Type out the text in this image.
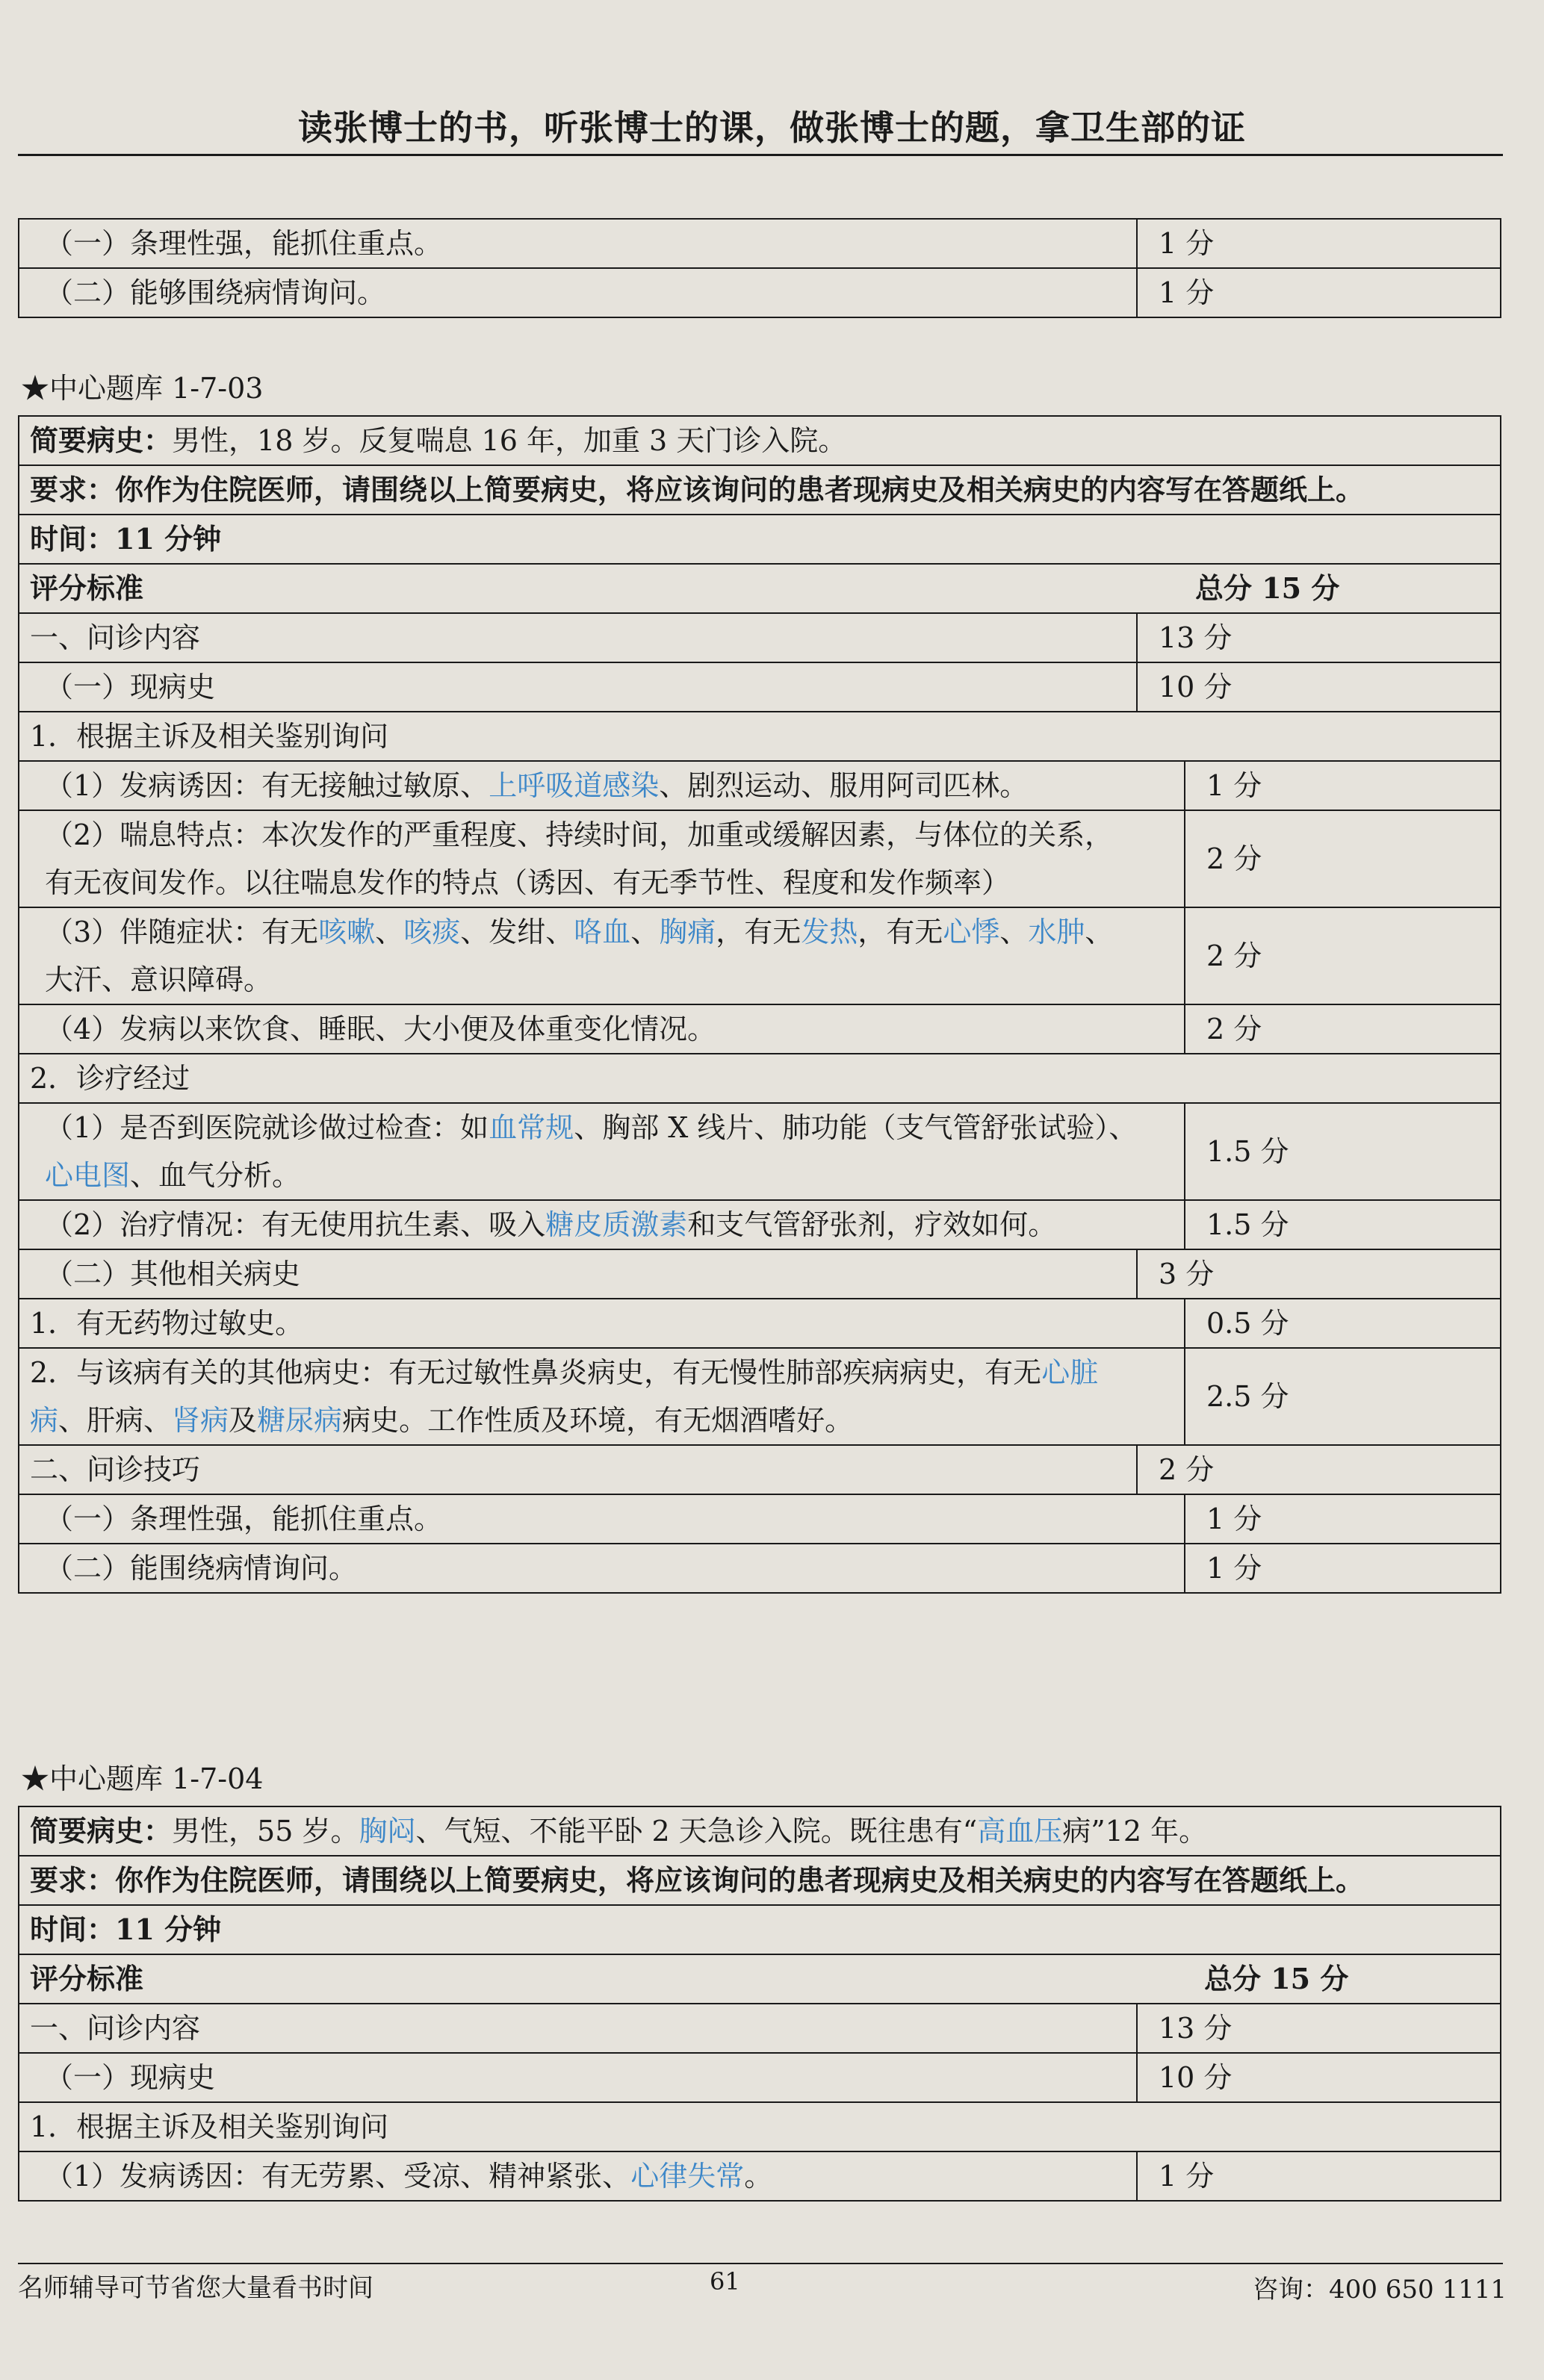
读张博士的书，听张博士的课，做张博士的题，拿卫生部的证
（一）条理性强，能抓住重点。	1 分
（二）能够围绕病情询问。	1 分
★中心题库 1-7-03
简要病史：男性，18 岁。反复喘息 16 年，加重 3 天门诊入院。		
要求：你作为住院医师，请围绕以上简要病史，将应该询问的患者现病史及相关病史的内容写在答题纸上。		
时间：11 分钟		
评分标准		总分 15 分
一、问诊内容	13 分	
（一）现病史	10 分	
1．根据主诉及相关鉴别询问		
（1）发病诱因：有无接触过敏原、上呼吸道感染、剧烈运动、服用阿司匹林。		1 分
（2）喘息特点：本次发作的严重程度、持续时间，加重或缓解因素，与体位的关系，有无夜间发作。以往喘息发作的特点（诱因、有无季节性、程度和发作频率）		2 分
（3）伴随症状：有无咳嗽、咳痰、发绀、咯血、胸痛，有无发热，有无心悸、水肿、大汗、意识障碍。		2 分
（4）发病以来饮食、睡眠、大小便及体重变化情况。		2 分
2．诊疗经过		
（1）是否到医院就诊做过检查：如血常规、胸部 X 线片、肺功能（支气管舒张试验）、心电图、血气分析。		1.5 分
（2）治疗情况：有无使用抗生素、吸入糖皮质激素和支气管舒张剂，疗效如何。		1.5 分
（二）其他相关病史	3 分	
1．有无药物过敏史。		0.5 分
2．与该病有关的其他病史：有无过敏性鼻炎病史，有无慢性肺部疾病病史，有无心脏病、肝病、肾病及糖尿病病史。工作性质及环境，有无烟酒嗜好。		2.5 分
二、问诊技巧	2 分	
（一）条理性强，能抓住重点。		1 分
（二）能围绕病情询问。		1 分
★中心题库 1-7-04
简要病史：男性，55 岁。胸闷、气短、不能平卧 2 天急诊入院。既往患有“高血压病”12 年。	
要求：你作为住院医师，请围绕以上简要病史，将应该询问的患者现病史及相关病史的内容写在答题纸上。	
时间：11 分钟	
评分标准	总分 15 分
一、问诊内容	13 分
（一）现病史	10 分
1．根据主诉及相关鉴别询问	
（1）发病诱因：有无劳累、受凉、精神紧张、心律失常。	1 分
名师辅导可节省您大量看书时间	61	咨询：400 650 1111
